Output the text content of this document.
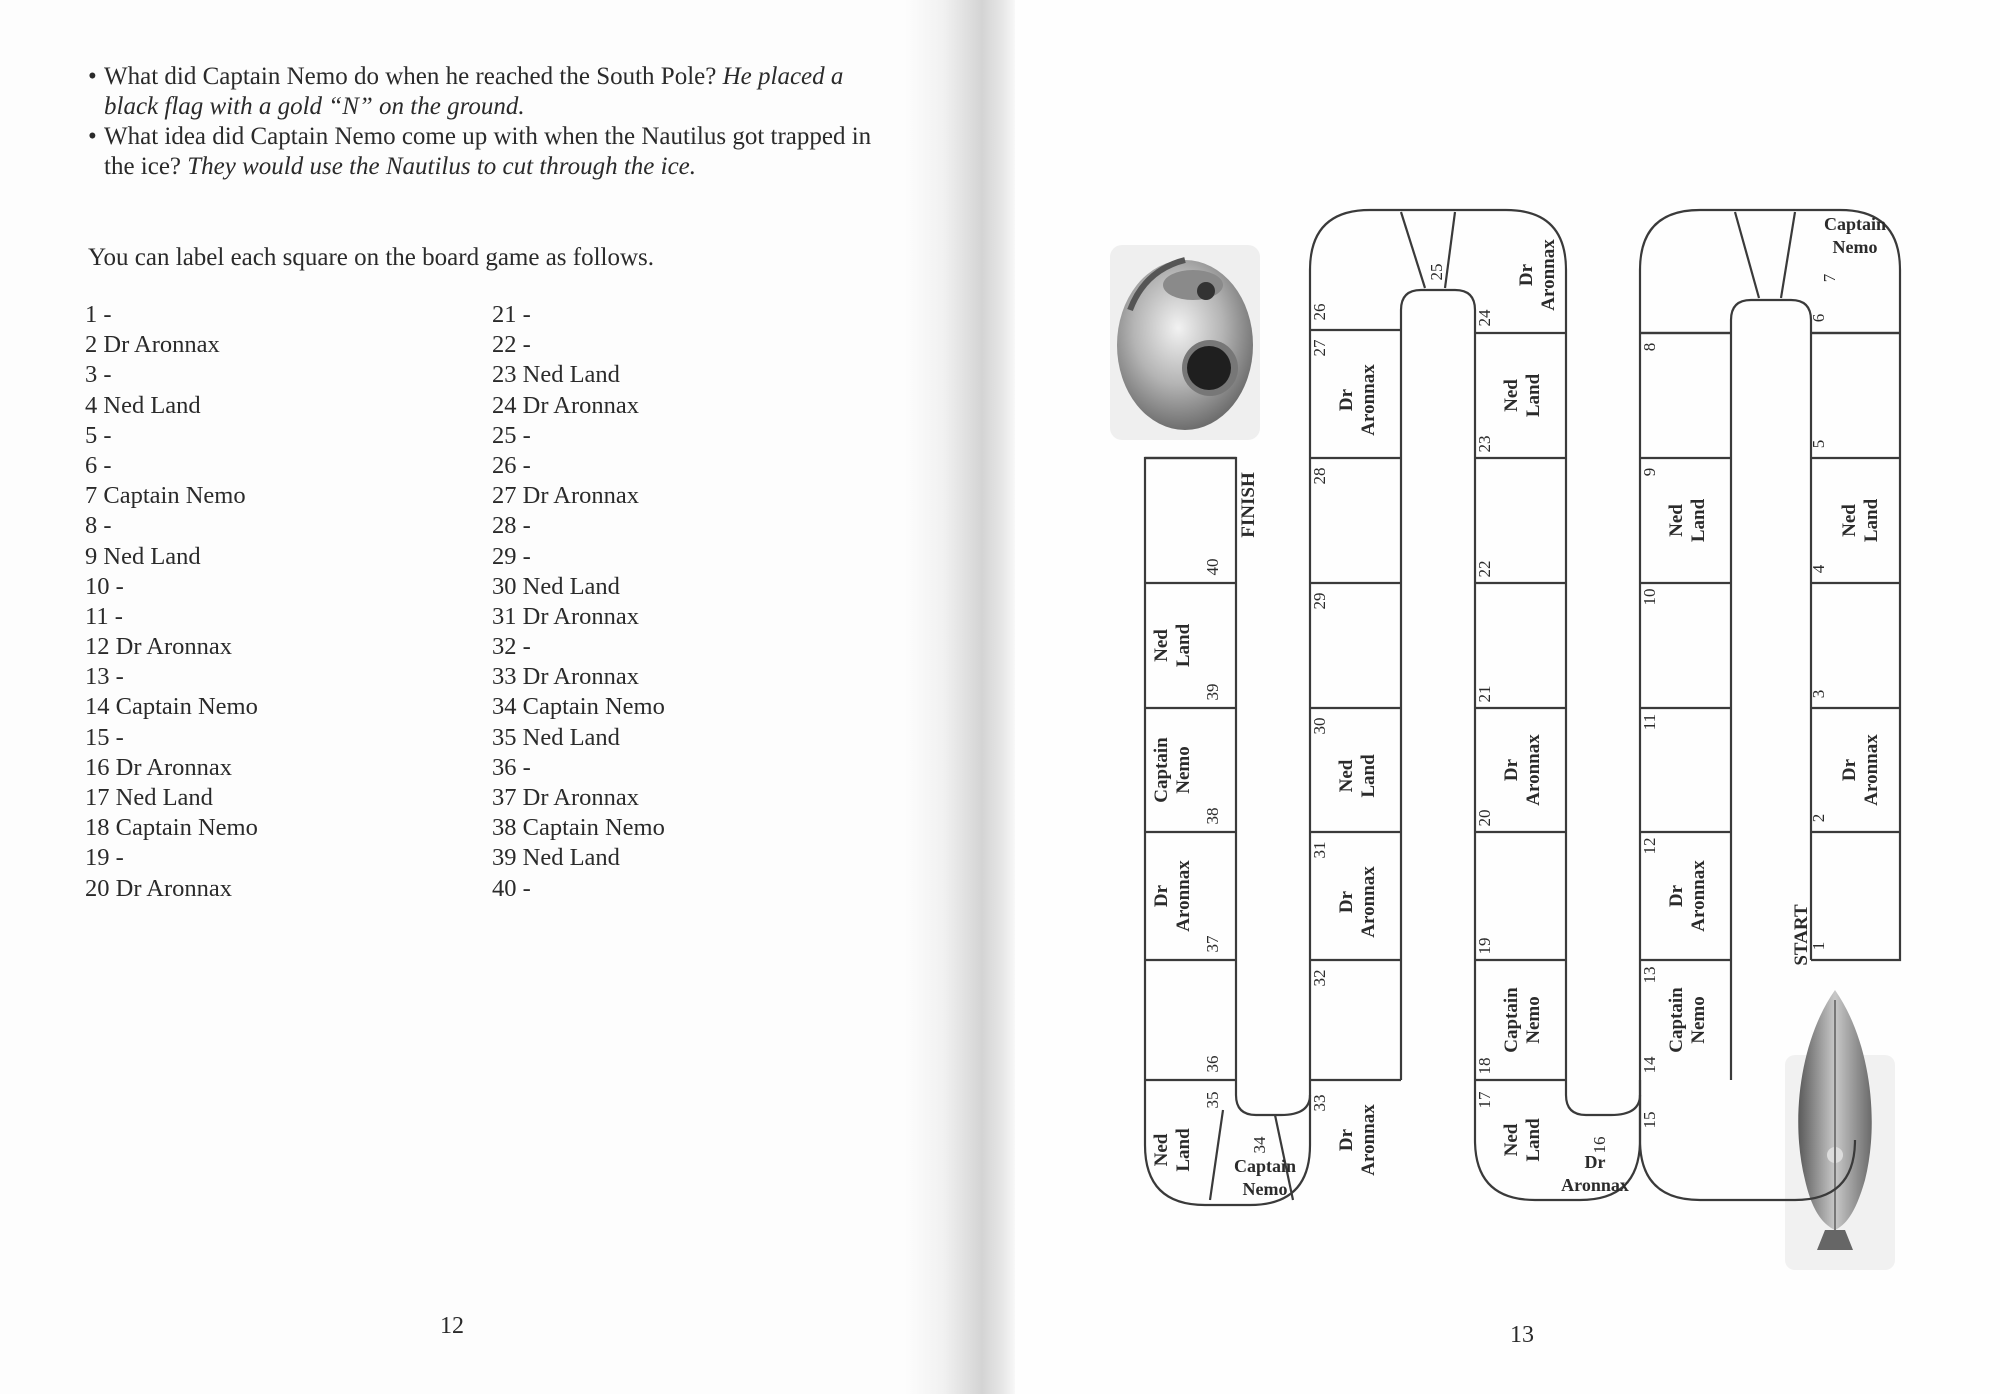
• What did Captain Nemo do when he reached the South Pole? He placed a black flag with a gold “N” on the ground.

• What idea did Captain Nemo come up with when the Nautilus got trapped in the ice? They would use the Nautilus to cut through the ice.

You can label each square on the board game as follows.
1 -
2 Dr Aronnax
3 -
4 Ned Land
5 -
6 -
7 Captain Nemo
8 -
9 Ned Land
10 -
11 -
12 Dr Aronnax
13 -
14 Captain Nemo
15 -
16 Dr Aronnax
17 Ned Land
18 Captain Nemo
19 -
20 Dr Aronnax
21 -
22 -
23 Ned Land
24 Dr Aronnax
25 -
26 -
27 Dr Aronnax
28 -
29 -
30 Ned Land
31 Dr Aronnax
32 -
33 Dr Aronnax
34 Captain Nemo
35 Ned Land
36 -
37 Dr Aronnax
38 Captain Nemo
39 Ned Land
40 -
12
1
2
DrAronnax
3
4
NedLand
5
6
Captain Nemo
7
8
9
NedLand
10
11
12
DrAronnax
13
14
CaptainNemo
15
16
Dr Aronnax
17
NedLand
18
CaptainNemo
19
20
DrAronnax
21
22
23
NedLand
24
DrAronnax
25
26
27
DrAronnax
28
29
30
NedLand
31
DrAronnax
32
33
DrAronnax
34
Captain Nemo
35
NedLand
36
37
DrAronnax
38
CaptainNemo
39
NedLand
40
START
FINISH
13
